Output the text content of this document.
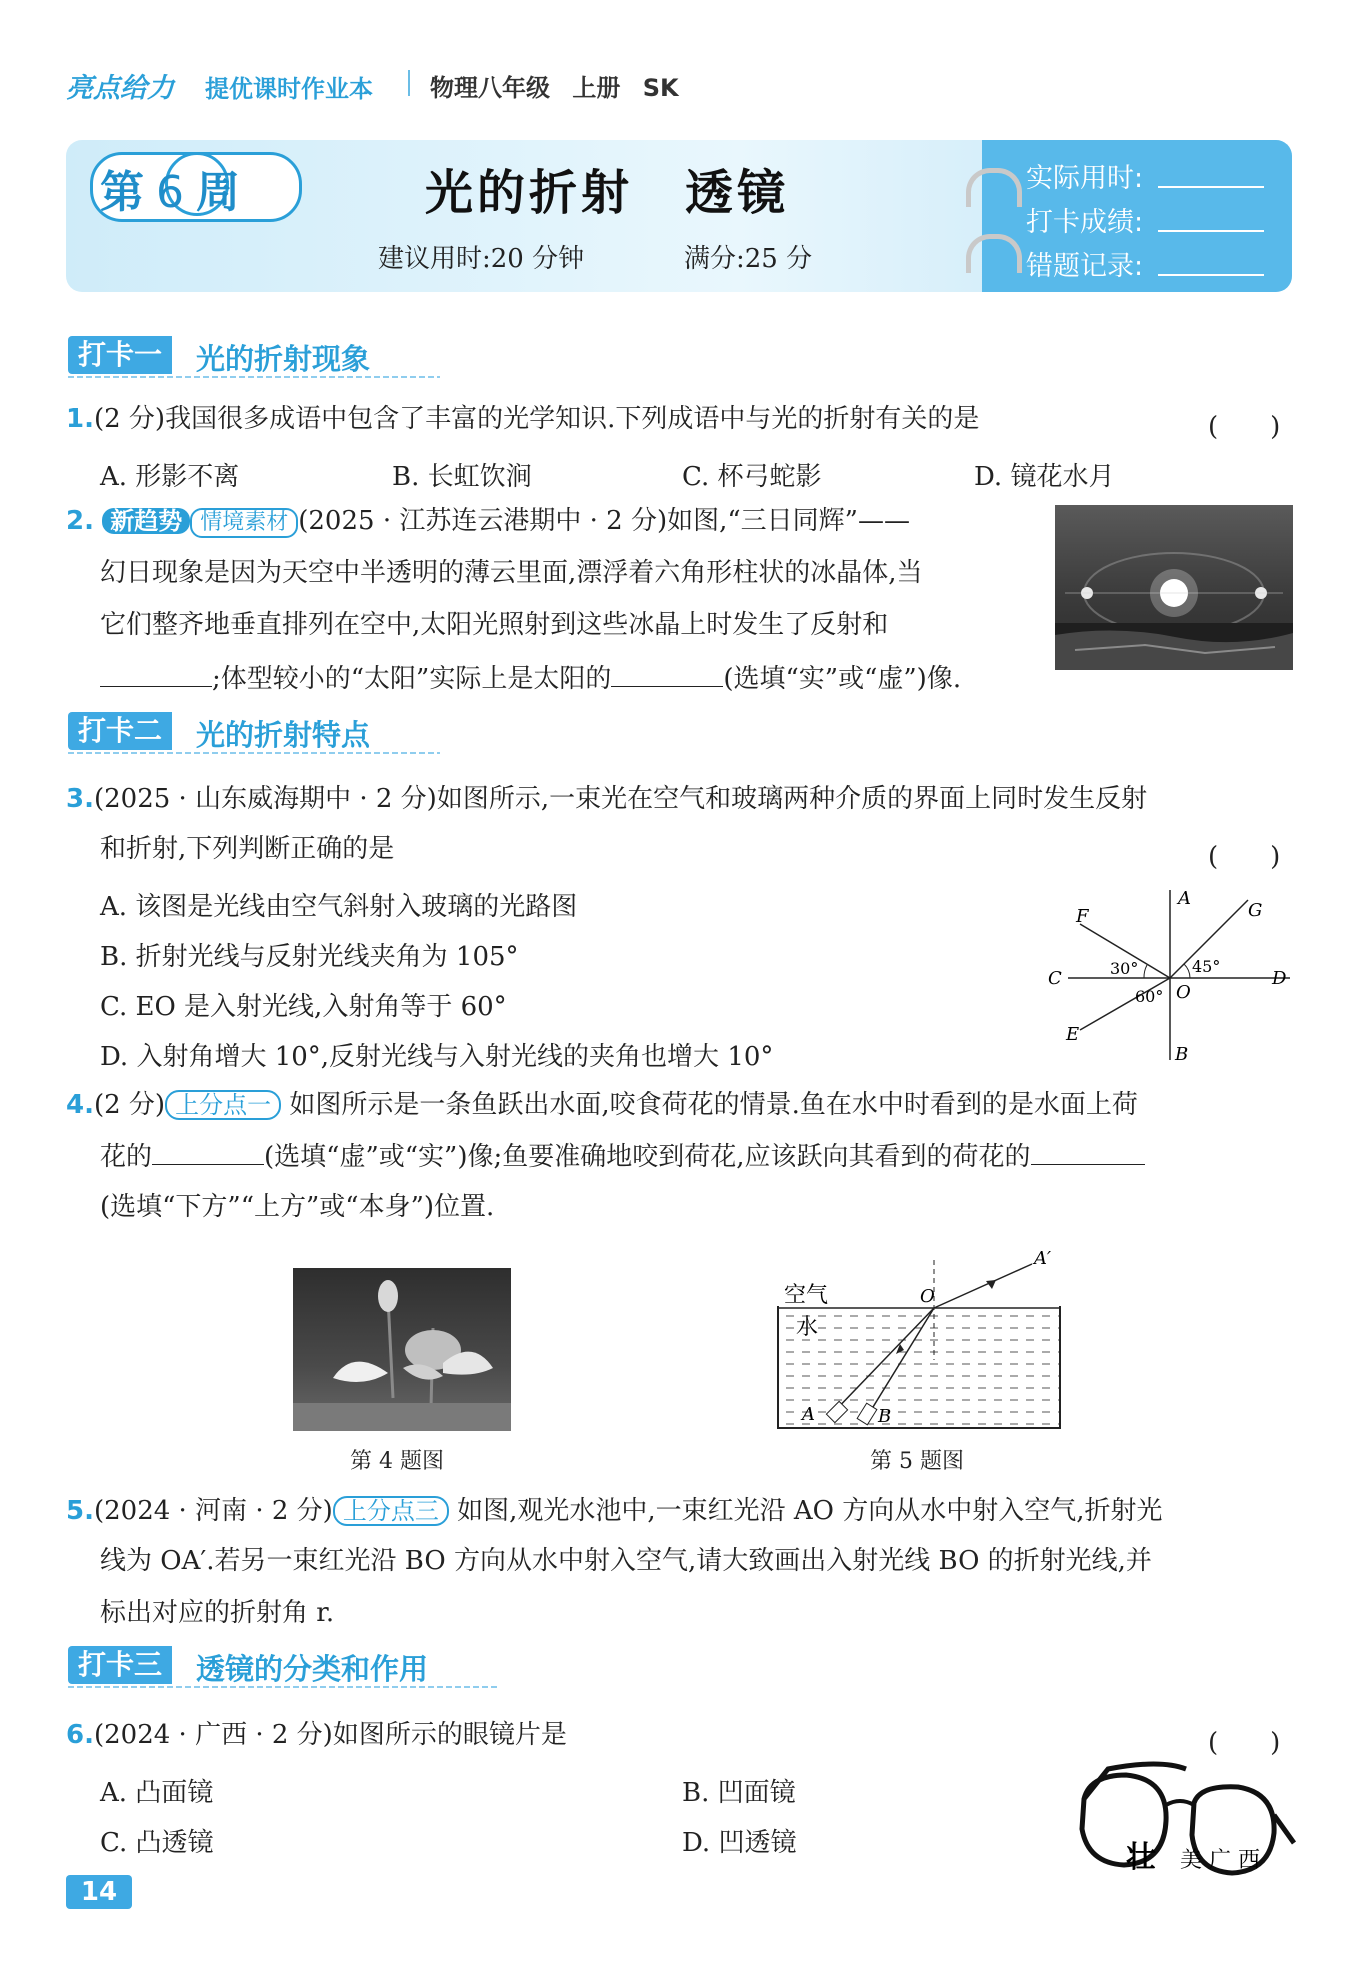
亮点给力 提优课时作业本 物理八年级 上册 SK
第 6 周	光的折射　透镜
建议用时:20 分钟	满分:25 分
实际用时:
打卡成绩:
错题记录:
打卡一	光的折射现象
1.(2 分)我国很多成语中包含了丰富的光学知识.下列成语中与光的折射有关的是	(　　)
A. 形影不离	B. 长虹饮涧	C. 杯弓蛇影	D. 镜花水月
2. 新趋势 情境素材 (2025 · 江苏连云港期中 · 2 分)如图,“三日同辉”——
幻日现象是因为天空中半透明的薄云里面,漂浮着六角形柱状的冰晶体,当
它们整齐地垂直排列在空中,太阳光照射到这些冰晶上时发生了反射和
;体型较小的“太阳”实际上是太阳的	(选填“实”或“虚”)像.
打卡二	光的折射特点
3.(2025 · 山东威海期中 · 2 分)如图所示,一束光在空气和玻璃两种介质的界面上同时发生反射
和折射,下列判断正确的是	(　　)
A. 该图是光线由空气斜射入玻璃的光路图
B. 折射光线与反射光线夹角为 105°
C. EO 是入射光线,入射角等于 60°
D. 入射角增大 10°,反射光线与入射光线的夹角也增大 10°
A
B
C	D
E
F	G
O
30°	45°
60°
4.(2 分) 上分点一 如图所示是一条鱼跃出水面,咬食荷花的情景.鱼在水中时看到的是水面上荷
花的	(选填“虚”或“实”)像;鱼要准确地咬到荷花,应该跃向其看到的荷花的
(选填“下方”“上方”或“本身”)位置.
第 4 题图
空气
水
O
A′
A	B
第 5 题图
5.(2024 · 河南 · 2 分) 上分点三 如图,观光水池中,一束红光沿 AO 方向从水中射入空气,折射光
线为 OA′.若另一束红光沿 BO 方向从水中射入空气,请大致画出入射光线 BO 的折射光线,并
标出对应的折射角 r.
打卡三	透镜的分类和作用
6.(2024 · 广西 · 2 分)如图所示的眼镜片是	(　　)
A. 凸面镜	B. 凹面镜
C. 凸透镜	D. 凹透镜	壮 美 广 西
14
